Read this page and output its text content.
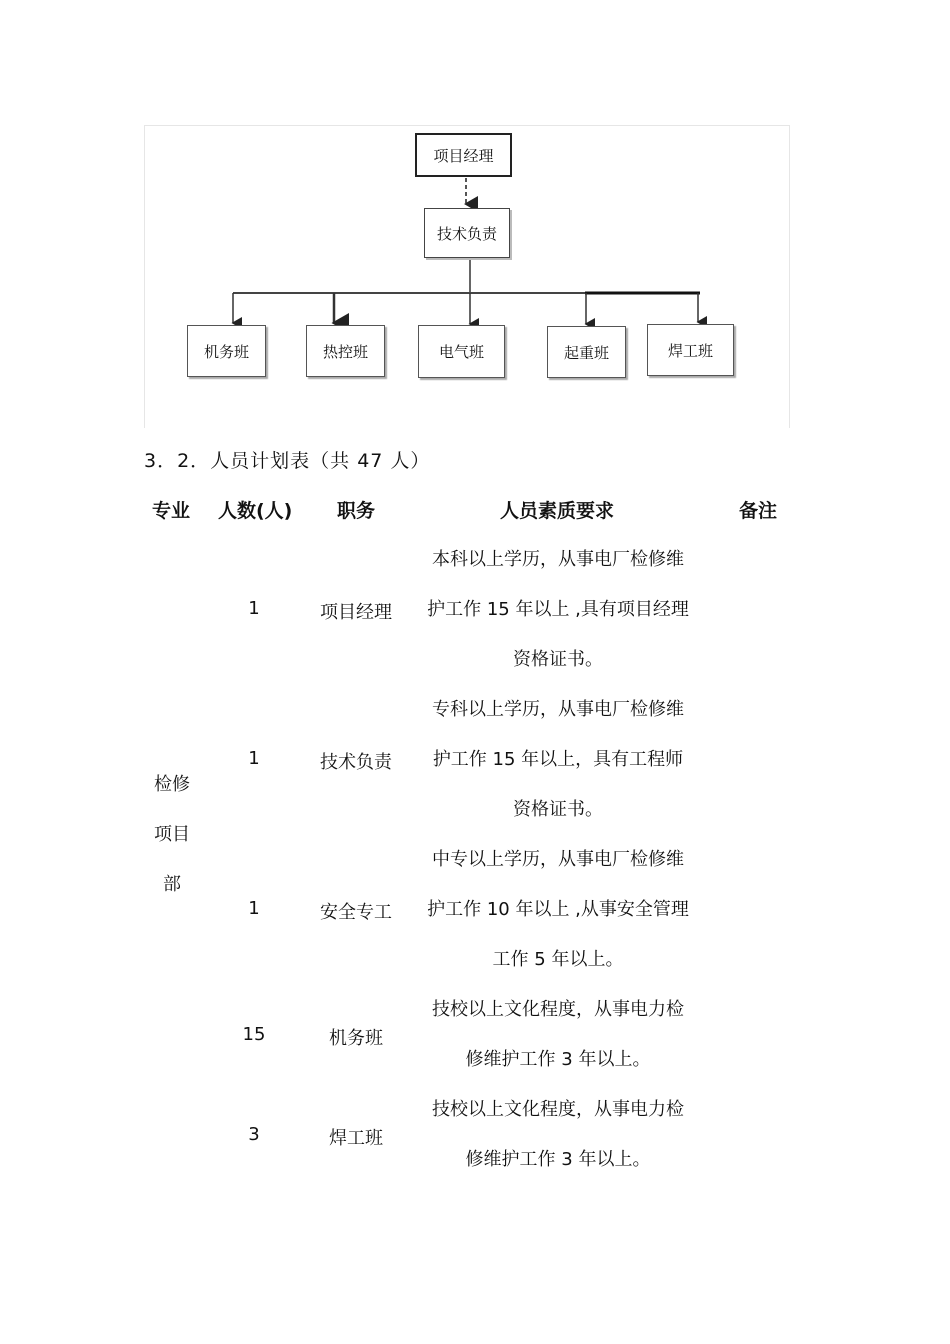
项目经理
技术负责
机务班	热控班	电气班	起重班	焊工班
3．2．人员计划表（共 47 人）
专业 人数(人) 职务	人员素质要求	备注
检修
项目
部
1	项目经理
本科以上学历，从事电厂检修维
护工作 15 年以上 ,具有项目经理
资格证书。
1	技术负责
专科以上学历，从事电厂检修维
护工作 15 年以上，具有工程师
资格证书。
1	安全专工
中专以上学历，从事电厂检修维
护工作 10 年以上 ,从事安全管理
工作 5 年以上。
15	机务班
技校以上文化程度，从事电力检
修维护工作 3 年以上。
3	焊工班
技校以上文化程度，从事电力检
修维护工作 3 年以上。
